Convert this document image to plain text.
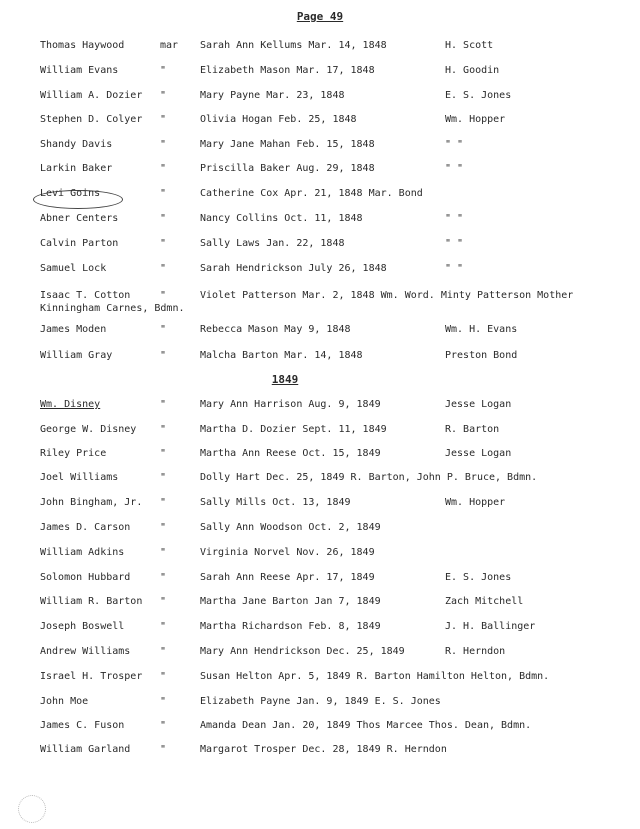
Page 49
1849
Thomas Haywood	mar Sarah Ann Kellums Mar. 14, 1848	H. Scott
William Evans	"	Elizabeth Mason Mar. 17, 1848	H. Goodin
William A. Dozier "	Mary Payne Mar. 23, 1848	E. S. Jones
Stephen D. Colyer "	Olivia Hogan Feb. 25, 1848	Wm. Hopper
Shandy Davis	"	Mary Jane Mahan Feb. 15, 1848	" "
Larkin Baker	"	Priscilla Baker Aug. 29, 1848	" "
Levi Goins	"	Catherine Cox Apr. 21, 1848 Mar. Bond
Abner Centers	"	Nancy Collins Oct. 11, 1848	" "
Calvin Parton	"	Sally Laws Jan. 22, 1848	" "
Samuel Lock	"	Sarah Hendrickson July 26, 1848	" "
Isaac T. Cotton	"	Violet Patterson Mar. 2, 1848 Wm. Word. Minty Patterson Mother
Kinningham Carnes, Bdmn.
James Moden	"	Rebecca Mason May 9, 1848	Wm. H. Evans
William Gray	"	Malcha Barton Mar. 14, 1848	Preston Bond
Wm. Disney	"	Mary Ann Harrison Aug. 9, 1849	Jesse Logan
George W. Disney "	Martha D. Dozier Sept. 11, 1849	R. Barton
Riley Price	"	Martha Ann Reese Oct. 15, 1849	Jesse Logan
Joel Williams	"	Dolly Hart Dec. 25, 1849 R. Barton, John P. Bruce, Bdmn.
John Bingham, Jr. "	Sally Mills Oct. 13, 1849	Wm. Hopper
James D. Carson	"	Sally Ann Woodson Oct. 2, 1849
William Adkins	"	Virginia Norvel Nov. 26, 1849
Solomon Hubbard	"	Sarah Ann Reese Apr. 17, 1849	E. S. Jones
William R. Barton "	Martha Jane Barton Jan 7, 1849	Zach Mitchell
Joseph Boswell	"	Martha Richardson Feb. 8, 1849	J. H. Ballinger
Andrew Williams	"	Mary Ann Hendrickson Dec. 25, 1849	R. Herndon
Israel H. Trosper "	Susan Helton Apr. 5, 1849 R. Barton Hamilton Helton, Bdmn.
John Moe	"	Elizabeth Payne Jan. 9, 1849 E. S. Jones
James C. Fuson	"	Amanda Dean Jan. 20, 1849 Thos Marcee Thos. Dean, Bdmn.
William Garland	"	Margarot Trosper Dec. 28, 1849 R. Herndon
